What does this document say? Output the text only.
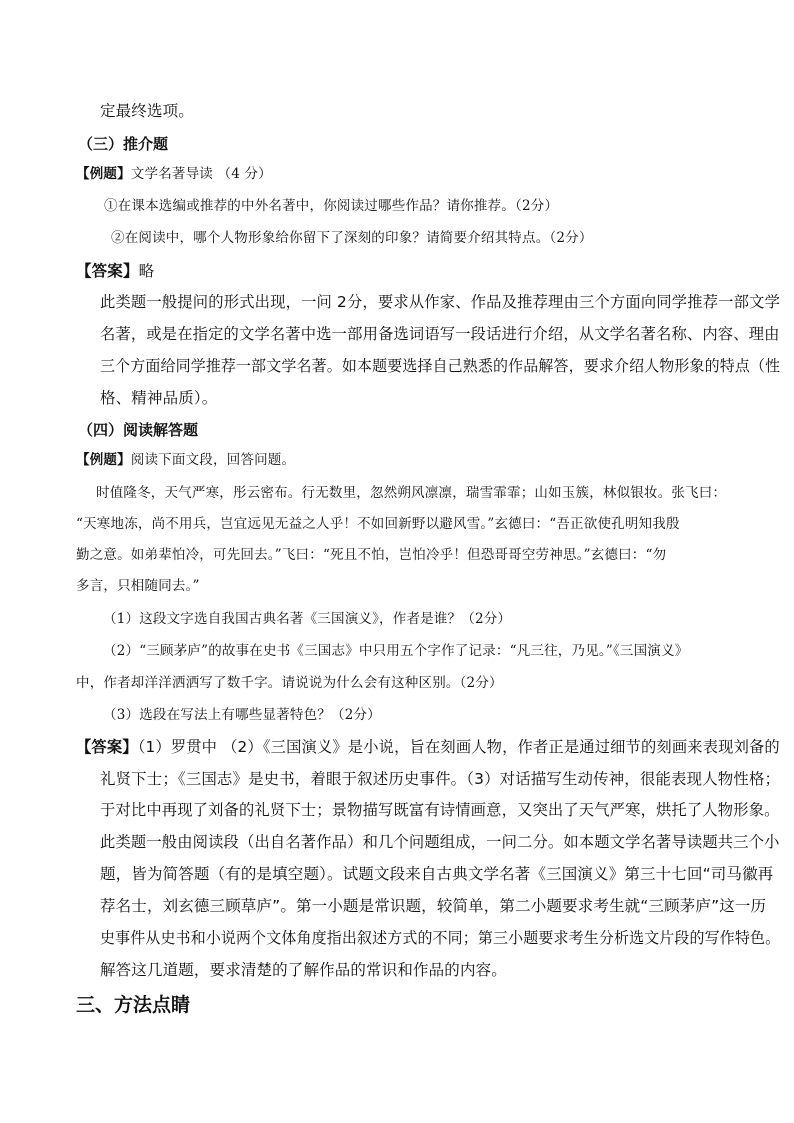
定最终选项。
（三）推介题
【例题】文学名著导读 （4 分）
①在课本选编或推荐的中外名著中，你阅读过哪些作品？请你推荐。（2分）
②在阅读中，哪个人物形象给你留下了深刻的印象？请简要介绍其特点。（2分）
【答案】略
此类题一般提问的形式出现，一问 2分，要求从作家、作品及推荐理由三个方面向同学推荐一部文学
名著，或是在指定的文学名著中选一部用备选词语写一段话进行介绍，从文学名著名称、内容、理由
三个方面给同学推荐一部文学名著。如本题要选择自己熟悉的作品解答，要求介绍人物形象的特点（性
格、精神品质）。
（四）阅读解答题
【例题】阅读下面文段，回答问题。
时值隆冬，天气严寒，彤云密布。行无数里，忽然朔风凛凛，瑞雪霏霏；山如玉簇，林似银妆。张飞曰：
“天寒地冻，尚不用兵，岂宜远见无益之人乎！不如回新野以避风雪。”玄德曰：“吾正欲使孔明知我殷
勤之意。如弟辈怕冷，可先回去。”飞曰：“死且不怕，岂怕冷乎！但恐哥哥空劳神思。”玄德曰：“勿
多言，只相随同去。”
（1）这段文字选自我国古典名著《三国演义》，作者是谁？（2分）
（2）“三顾茅庐”的故事在史书《三国志》中只用五个字作了记录：“凡三往，乃见。”《三国演义》
中，作者却洋洋洒洒写了数千字。请说说为什么会有这种区别。（2分）
（3）选段在写法上有哪些显著特色？（2分）
【答案】（1）罗贯中 （2）《三国演义》是小说，旨在刻画人物，作者正是通过细节的刻画来表现刘备的
礼贤下士；《三国志》是史书，着眼于叙述历史事件。（3）对话描写生动传神，很能表现人物性格；
于对比中再现了刘备的礼贤下士；景物描写既富有诗情画意，又突出了天气严寒，烘托了人物形象。
此类题一般由阅读段（出自名著作品）和几个问题组成，一问二分。如本题文学名著导读题共三个小
题，皆为简答题（有的是填空题）。试题文段来自古典文学名著《三国演义》第三十七回“司马徽再
荐名士，刘玄德三顾草庐”。第一小题是常识题，较简单，第二小题要求考生就“三顾茅庐”这一历
史事件从史书和小说两个文体角度指出叙述方式的不同；第三小题要求考生分析选文片段的写作特色。
解答这几道题，要求清楚的了解作品的常识和作品的内容。
三、方法点睛
